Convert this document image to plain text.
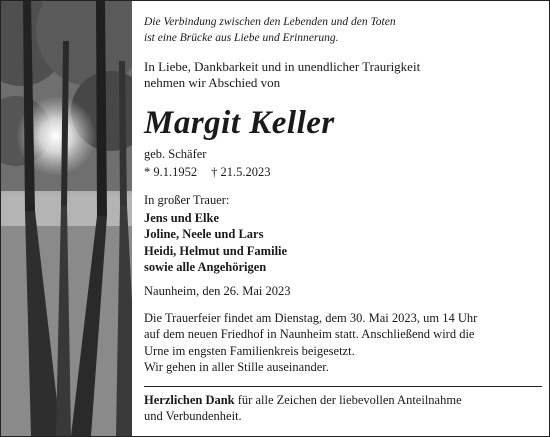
Die Verbindung zwischen den Lebenden und den Toten
ist eine Brücke aus Liebe und Erinnerung.
In Liebe, Dankbarkeit und in unendlicher Traurigkeit
nehmen wir Abschied von
Margit Keller
geb. Schäfer
* 9.1.1952 † 21.5.2023
In großer Trauer:
Jens und Elke
Joline, Neele und Lars
Heidi, Helmut und Familie
sowie alle Angehörigen
Naunheim, den 26. Mai 2023
Die Trauerfeier findet am Dienstag, dem 30. Mai 2023, um 14 Uhr
auf dem neuen Friedhof in Naunheim statt. Anschließend wird die
Urne im engsten Familienkreis beigesetzt.
Wir gehen in aller Stille auseinander.
Herzlichen Dank für alle Zeichen der liebevollen Anteilnahme
und Verbundenheit.
